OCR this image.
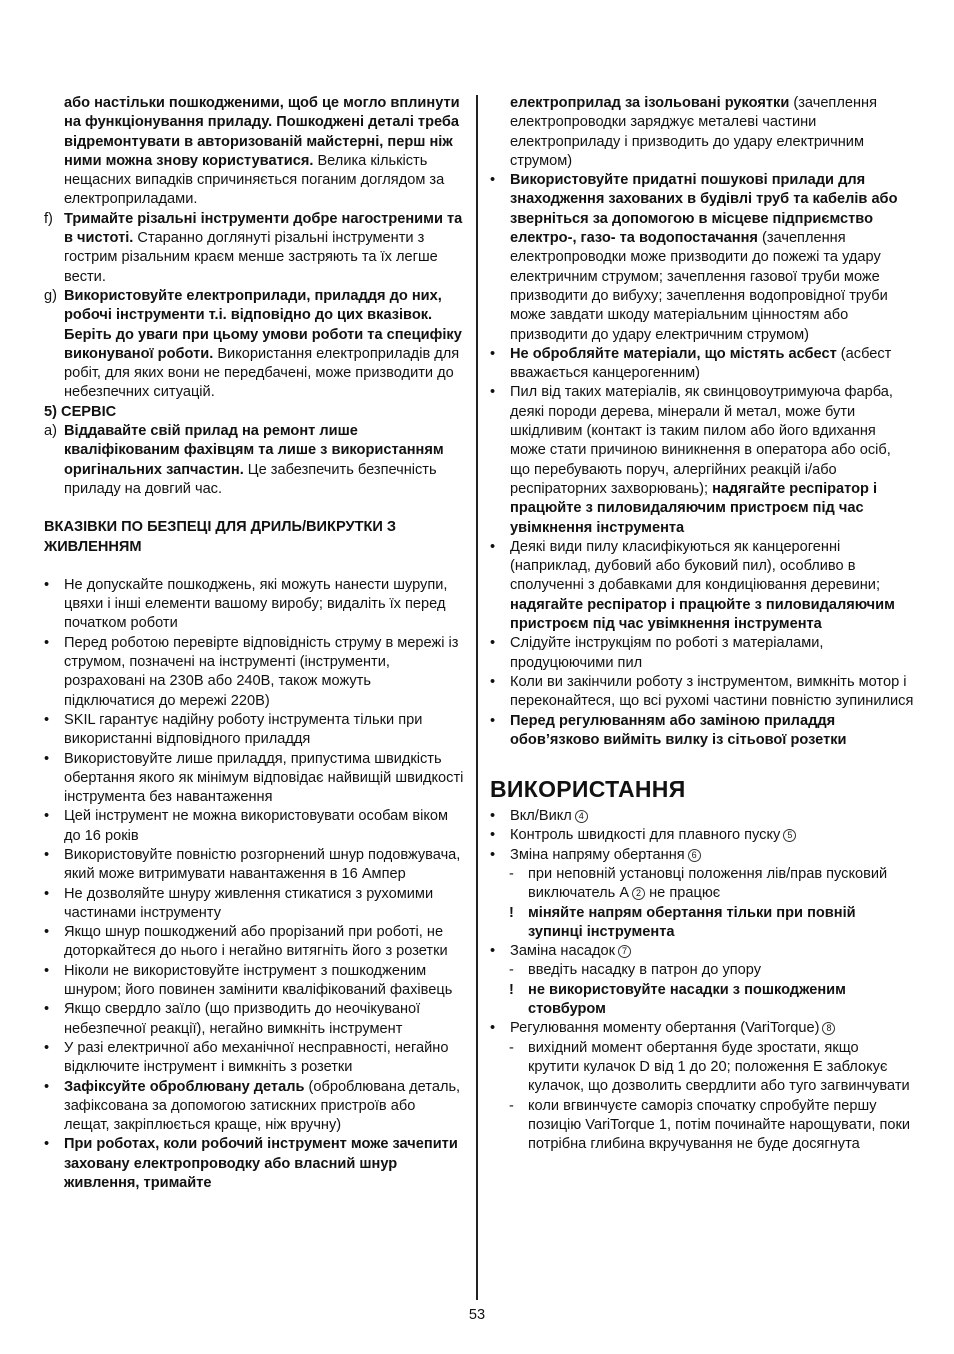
або настільки пошкодженими, щоб це могло вплинути на функціонування приладу. Пошкоджені деталі треба відремонтувати в авторизованій майстерні, перш ніж ними можна знову користуватися. Велика кількість нещасних випадків спричиняється поганим доглядом за електроприладами.

f) Тримайте різальні інструменти добре нагостреними та в чистоті. Старанно доглянуті різальні інструменти з гострим різальним краєм менше застряють та їх легше вести.
g) Використовуйте електроприлади, приладдя до них, робочі інструменти т.і. відповідно до цих вказівок. Беріть до уваги при цьому умови роботи та специфіку виконуваної роботи. Використання електроприладів для робіт, для яких вони не передбачені, може призводити до небезпечних ситуацій.

5) СЕРВІС

a) Віддавайте свій прилад на ремонт лише кваліфікованим фахівцям та лише з використанням оригінальних запчастин. Це забезпечить безпечність приладу на довгий час.

ВКАЗІВКИ ПО БЕЗПЕЦІ ДЛЯ ДРИЛЬ/ВИКРУТКИ З ЖИВЛЕННЯМ

• Не допускайте пошкоджень, які можуть нанести шурупи, цвяхи і інші елементи вашому виробу; видаліть їх перед початком роботи
• Перед роботою перевірте відповідність струму в мережі із струмом, позначені на інструменті (інструменти, розраховані на 230В або 240В, також можуть підключатися до мережі 220В)
• SKIL гарантує надійну роботу інструмента тільки при використанні відповідного приладдя
• Використовуйте лише приладдя, припустима швидкість обертання якого як мінімум відповідає найвищій швидкості інструмента без навантаження
• Цей інструмент не можна використовувати особам віком до 16 років
• Використовуйте повністю розгорнений шнур подовжувача, який може витримувати навантаження в 16 Ампер
• Не дозволяйте шнуру живлення стикатися з рухомими частинами інструменту
• Якщо шнур пошкоджений або прорізаний при роботі, не доторкайтеся до нього і негайно витягніть його з розетки
• Ніколи не використовуйте інструмент з пошкодженим шнуром; його повинен замінити кваліфікований фахівець
• Якщо свердло заїло (що призводить до неочікуваної небезпечної реакції), негайно вимкніть інструмент
• У разі електричної або механічної несправності, негайно відключите інструмент і вимкніть з розетки
• Зафіксуйте оброблювану деталь (оброблювана деталь, зафіксована за допомогою затискних пристроїв або лещат, закріплюється краще, ніж вручну)
• При роботах, коли робочий інструмент може зачепити заховану електропроводку або власний шнур живлення, тримайте

електроприлад за ізольовані рукоятки (зачеплення електропроводки заряджує металеві частини електроприладу і призводить до удару електричним струмом)

• Використовуйте придатні пошукові прилади для знаходження захованих в будівлі труб та кабелів або зверніться за допомогою в місцеве підприємство електро-, газо- та водопостачання (зачеплення електропроводки може призводити до пожежі та удару електричним струмом; зачеплення газової труби може призводити до вибуху; зачеплення водопровідної труби може завдати шкоду матеріальним цінностям або призводити до удару електричним струмом)
• Не обробляйте матеріали, що містять асбест (асбест вважається канцерогенним)
• Пил від таких матеріалів, як свинцовоутримуюча фарба, деякі породи дерева, мінерали й метал, може бути шкідливим (контакт із таким пилом або його вдихання може стати причиною виникнення в оператора або осіб, що перебувають поруч, алергійних реакцій і/або респіраторних захворювань); надягайте респіратор і працюйте з пиловидаляючим пристроєм під час увімкнення інструмента
• Деякі види пилу класифікуються як канцерогенні (наприклад, дубовий або буковий пил), особливо в сполученні з добавками для кондиціювання деревини; надягайте респіратор і працюйте з пиловидаляючим пристроєм під час увімкнення інструмента
• Слідуйте інструкціям по роботі з матеріалами, продуцюючими пил
• Коли ви закінчили роботу з інструментом, вимкніть мотор і переконайтеся, що всі рухомі частини повністю зупинилися
• Перед регулюванням або заміною приладдя обов’язково вийміть вилку із сітьової розетки

ВИКОРИСТАННЯ

• Вкл/Викл 4
• Контроль швидкості для плавного пуску 5
• Зміна напряму обертання 6
- при неповній установці положення лів/прав пусковий виключатель A 2 не працює
! міняйте напрям обертання тільки при повній зупинці інструмента
• Заміна насадок 7
- введіть насадку в патрон до упору
! не використовуйте насадки з пошкодженим стовбуром
• Регулювання моменту обертання (VariTorque) 8
- вихідний момент обертання буде зростати, якщо крутити кулачок D від 1 до 20; положення E заблокує кулачок, що дозволить свердлити або туго загвинчувати
- коли вгвинчуєте саморіз спочатку спробуйте першу позицію VariTorque 1, потім починайте нарощувати, поки потрібна глибина вкручування не буде досягнута
53
